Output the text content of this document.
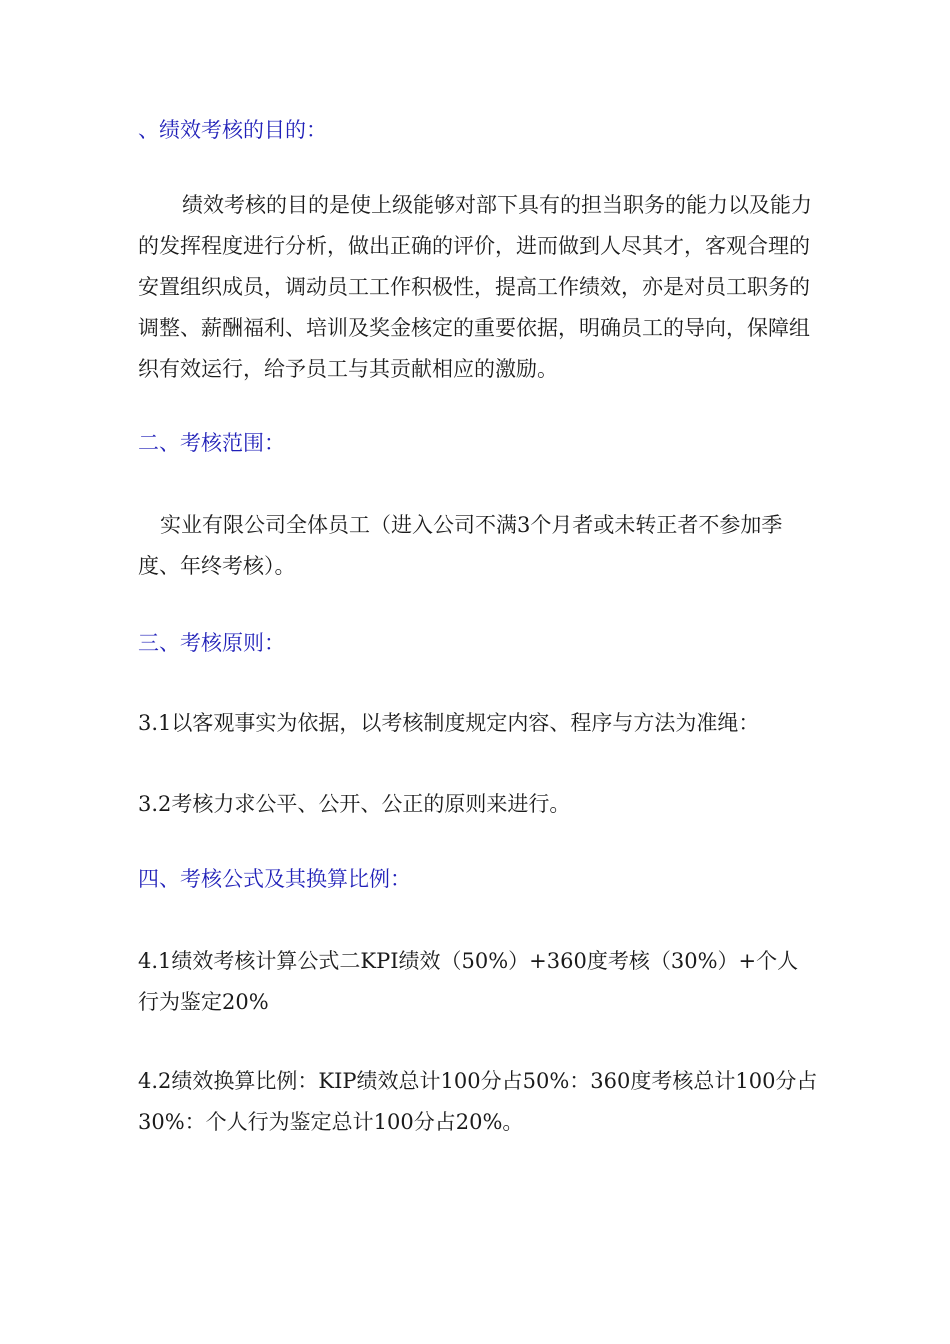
、绩效考核的目的：

绩效考核的目的是使上级能够对部下具有的担当职务的能力以及能力的发挥程度进行分析，做出正确的评价，进而做到人尽其才，客观合理的安置组织成员，调动员工工作积极性，提高工作绩效，亦是对员工职务的调整、薪酬福利、培训及奖金核定的重要依据，明确员工的导向，保障组织有效运行，给予员工与其贡献相应的激励。

二、考核范围：

实业有限公司全体员工（进入公司不满3个月者或未转正者不参加季度、年终考核）。

三、考核原则：

3.1以客观事实为依据，以考核制度规定内容、程序与方法为准绳：

3.2考核力求公平、公开、公正的原则来进行。

四、考核公式及其换算比例：

4.1绩效考核计算公式二KPI绩效（50%）+360度考核（30%）+个人行为鉴定20%

4.2绩效换算比例：KIP绩效总计100分占50%：360度考核总计100分占30%：个人行为鉴定总计100分占20%。
